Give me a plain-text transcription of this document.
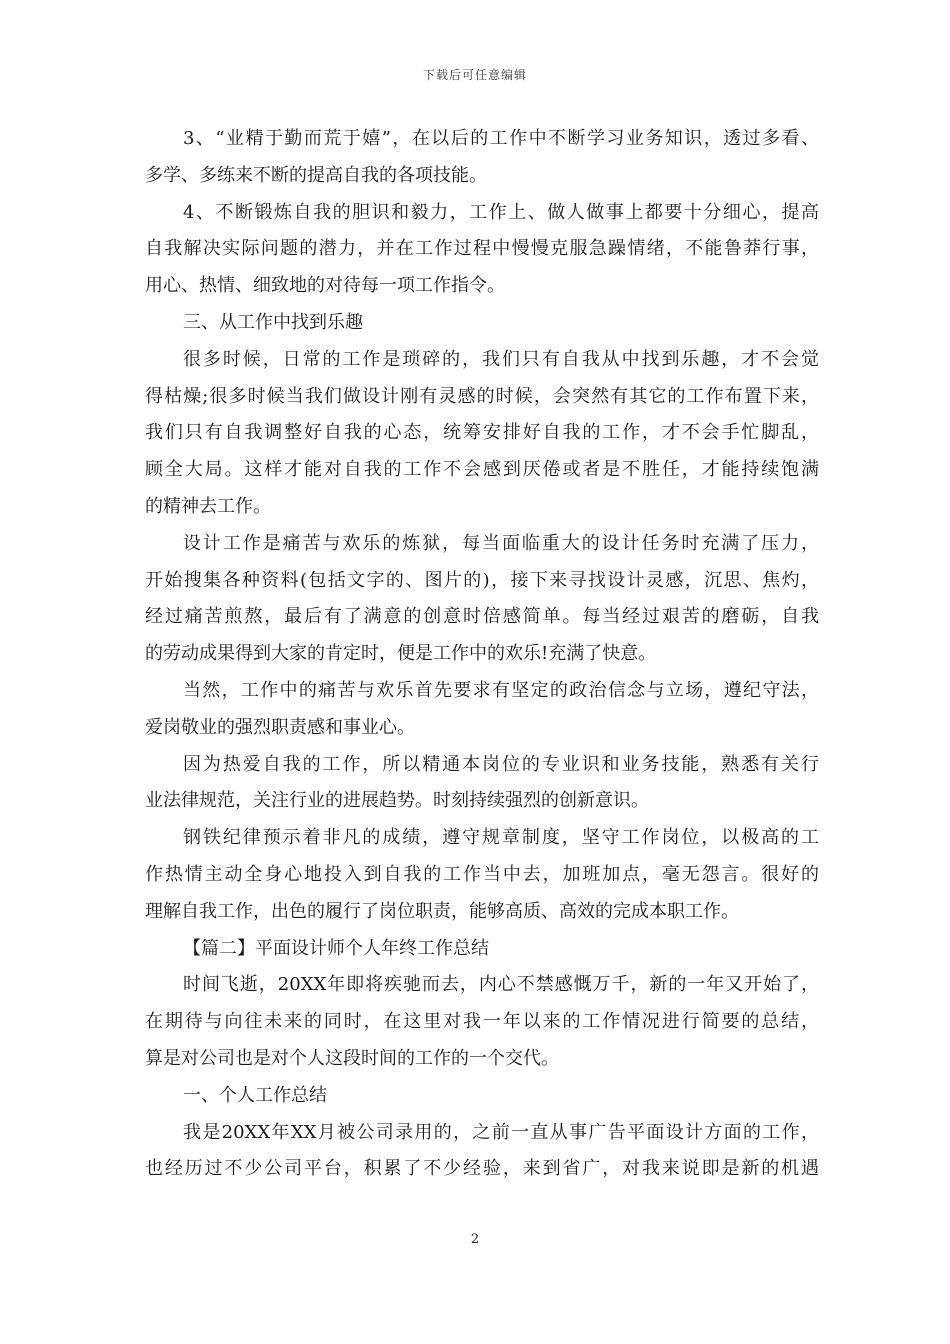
下载后可任意编辑
3、“业精于勤而荒于嬉”，在以后的工作中不断学习业务知识，透过多看、
多学、多练来不断的提高自我的各项技能。
4、不断锻炼自我的胆识和毅力，工作上、做人做事上都要十分细心，提高
自我解决实际问题的潜力，并在工作过程中慢慢克服急躁情绪，不能鲁莽行事，
用心、热情、细致地的对待每一项工作指令。
三、从工作中找到乐趣
很多时候，日常的工作是琐碎的，我们只有自我从中找到乐趣，才不会觉
得枯燥;很多时候当我们做设计刚有灵感的时候，会突然有其它的工作布置下来，
我们只有自我调整好自我的心态，统筹安排好自我的工作，才不会手忙脚乱，
顾全大局。这样才能对自我的工作不会感到厌倦或者是不胜任，才能持续饱满
的精神去工作。
设计工作是痛苦与欢乐的炼狱，每当面临重大的设计任务时充满了压力，
开始搜集各种资料(包括文字的、图片的)，接下来寻找设计灵感，沉思、焦灼，
经过痛苦煎熬，最后有了满意的创意时倍感简单。每当经过艰苦的磨砺，自我
的劳动成果得到大家的肯定时，便是工作中的欢乐!充满了快意。
当然，工作中的痛苦与欢乐首先要求有坚定的政治信念与立场，遵纪守法，
爱岗敬业的强烈职责感和事业心。
因为热爱自我的工作，所以精通本岗位的专业识和业务技能，熟悉有关行
业法律规范，关注行业的进展趋势。时刻持续强烈的创新意识。
钢铁纪律预示着非凡的成绩，遵守规章制度，坚守工作岗位，以极高的工
作热情主动全身心地投入到自我的工作当中去，加班加点，毫无怨言。很好的
理解自我工作，出色的履行了岗位职责，能够高质、高效的完成本职工作。
【篇二】平面设计师个人年终工作总结
时间飞逝，20XX年即将疾驰而去，内心不禁感慨万千，新的一年又开始了，
在期待与向往未来的同时，在这里对我一年以来的工作情况进行简要的总结，
算是对公司也是对个人这段时间的工作的一个交代。
一、个人工作总结
我是20XX年XX月被公司录用的，之前一直从事广告平面设计方面的工作，
也经历过不少公司平台，积累了不少经验，来到省广，对我来说即是新的机遇
2
